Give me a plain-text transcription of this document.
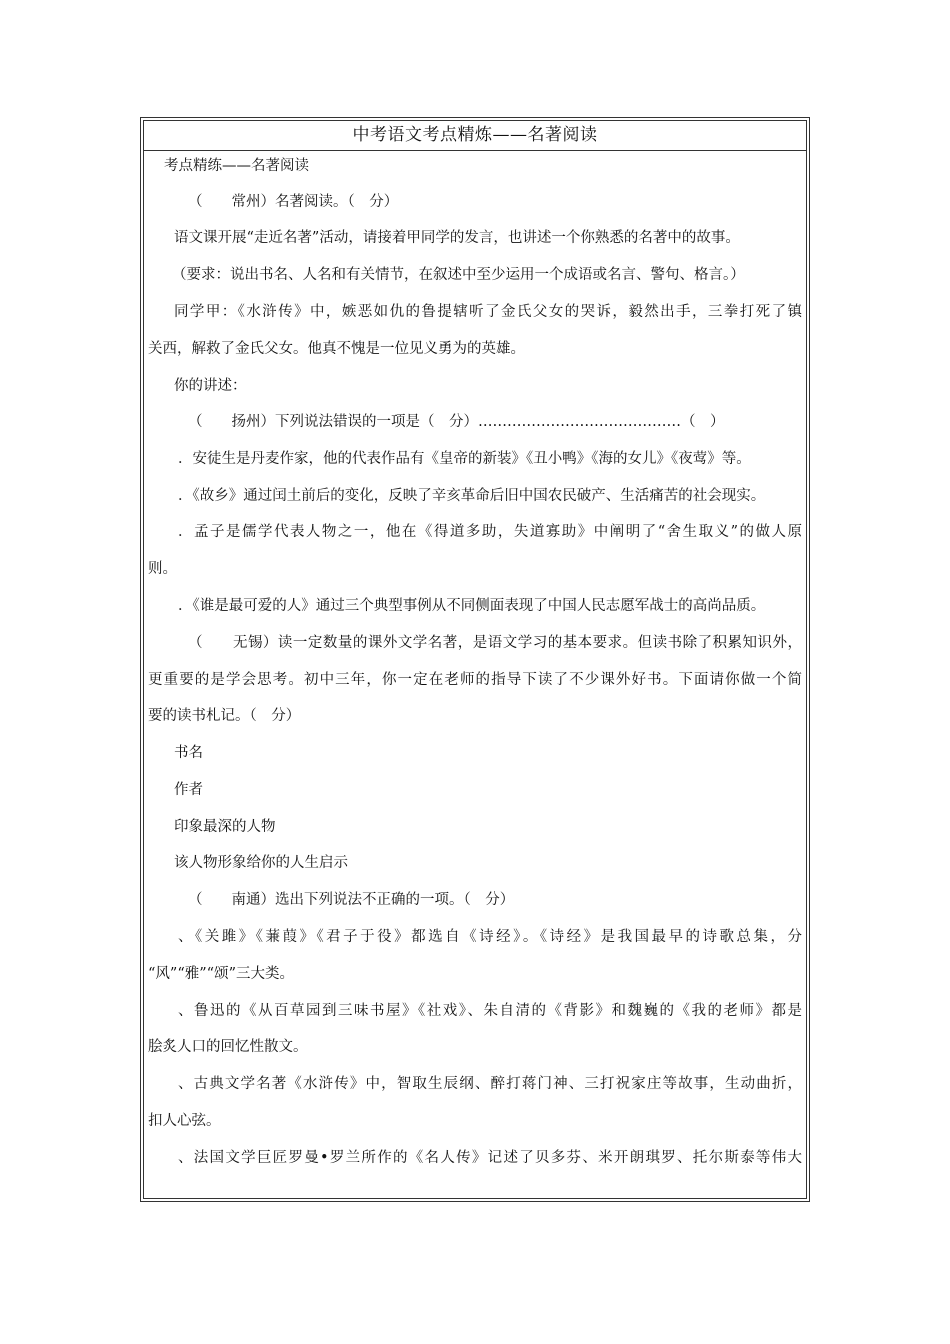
中考语文考点精炼——名著阅读
考点精练——名著阅读
（　　常州）名著阅读。（　分）
语文课开展“走近名著”活动，请接着甲同学的发言，也讲述一个你熟悉的名著中的故事。
（要求：说出书名、人名和有关情节，在叙述中至少运用一个成语或名言、警句、格言。）
同学甲：《水浒传》中，嫉恶如仇的鲁提辖听了金氏父女的哭诉，毅然出手，三拳打死了镇
关西，解救了金氏父女。他真不愧是一位见义勇为的英雄。
你的讲述：
（　　扬州）下列说法错误的一项是（　分）……………………………………（　）
．安徒生是丹麦作家，他的代表作品有《皇帝的新装》《丑小鸭》《海的女儿》《夜莺》等。
．《故乡》通过闰土前后的变化，反映了辛亥革命后旧中国农民破产、生活痛苦的社会现实。
．孟子是儒学代表人物之一，他在《得道多助，失道寡助》中阐明了“舍生取义”的做人原
则。
．《谁是最可爱的人》通过三个典型事例从不同侧面表现了中国人民志愿军战士的高尚品质。
（　　无锡）读一定数量的课外文学名著，是语文学习的基本要求。但读书除了积累知识外，
更重要的是学会思考。初中三年，你一定在老师的指导下读了不少课外好书。下面请你做一个简
要的读书札记。（　分）
书名
作者
印象最深的人物
该人物形象给你的人生启示
（　　南通）选出下列说法不正确的一项。（　分）
、《关雎》《蒹葭》《君子于役》都选自《诗经》。《诗经》是我国最早的诗歌总集，分
“风”“雅”“颂”三大类。
、鲁迅的《从百草园到三味书屋》《社戏》、朱自清的《背影》和魏巍的《我的老师》都是
脍炙人口的回忆性散文。
、古典文学名著《水浒传》中，智取生辰纲、醉打蒋门神、三打祝家庄等故事，生动曲折，
扣人心弦。
、法国文学巨匠罗曼•罗兰所作的《名人传》记述了贝多芬、米开朗琪罗、托尔斯泰等伟大
